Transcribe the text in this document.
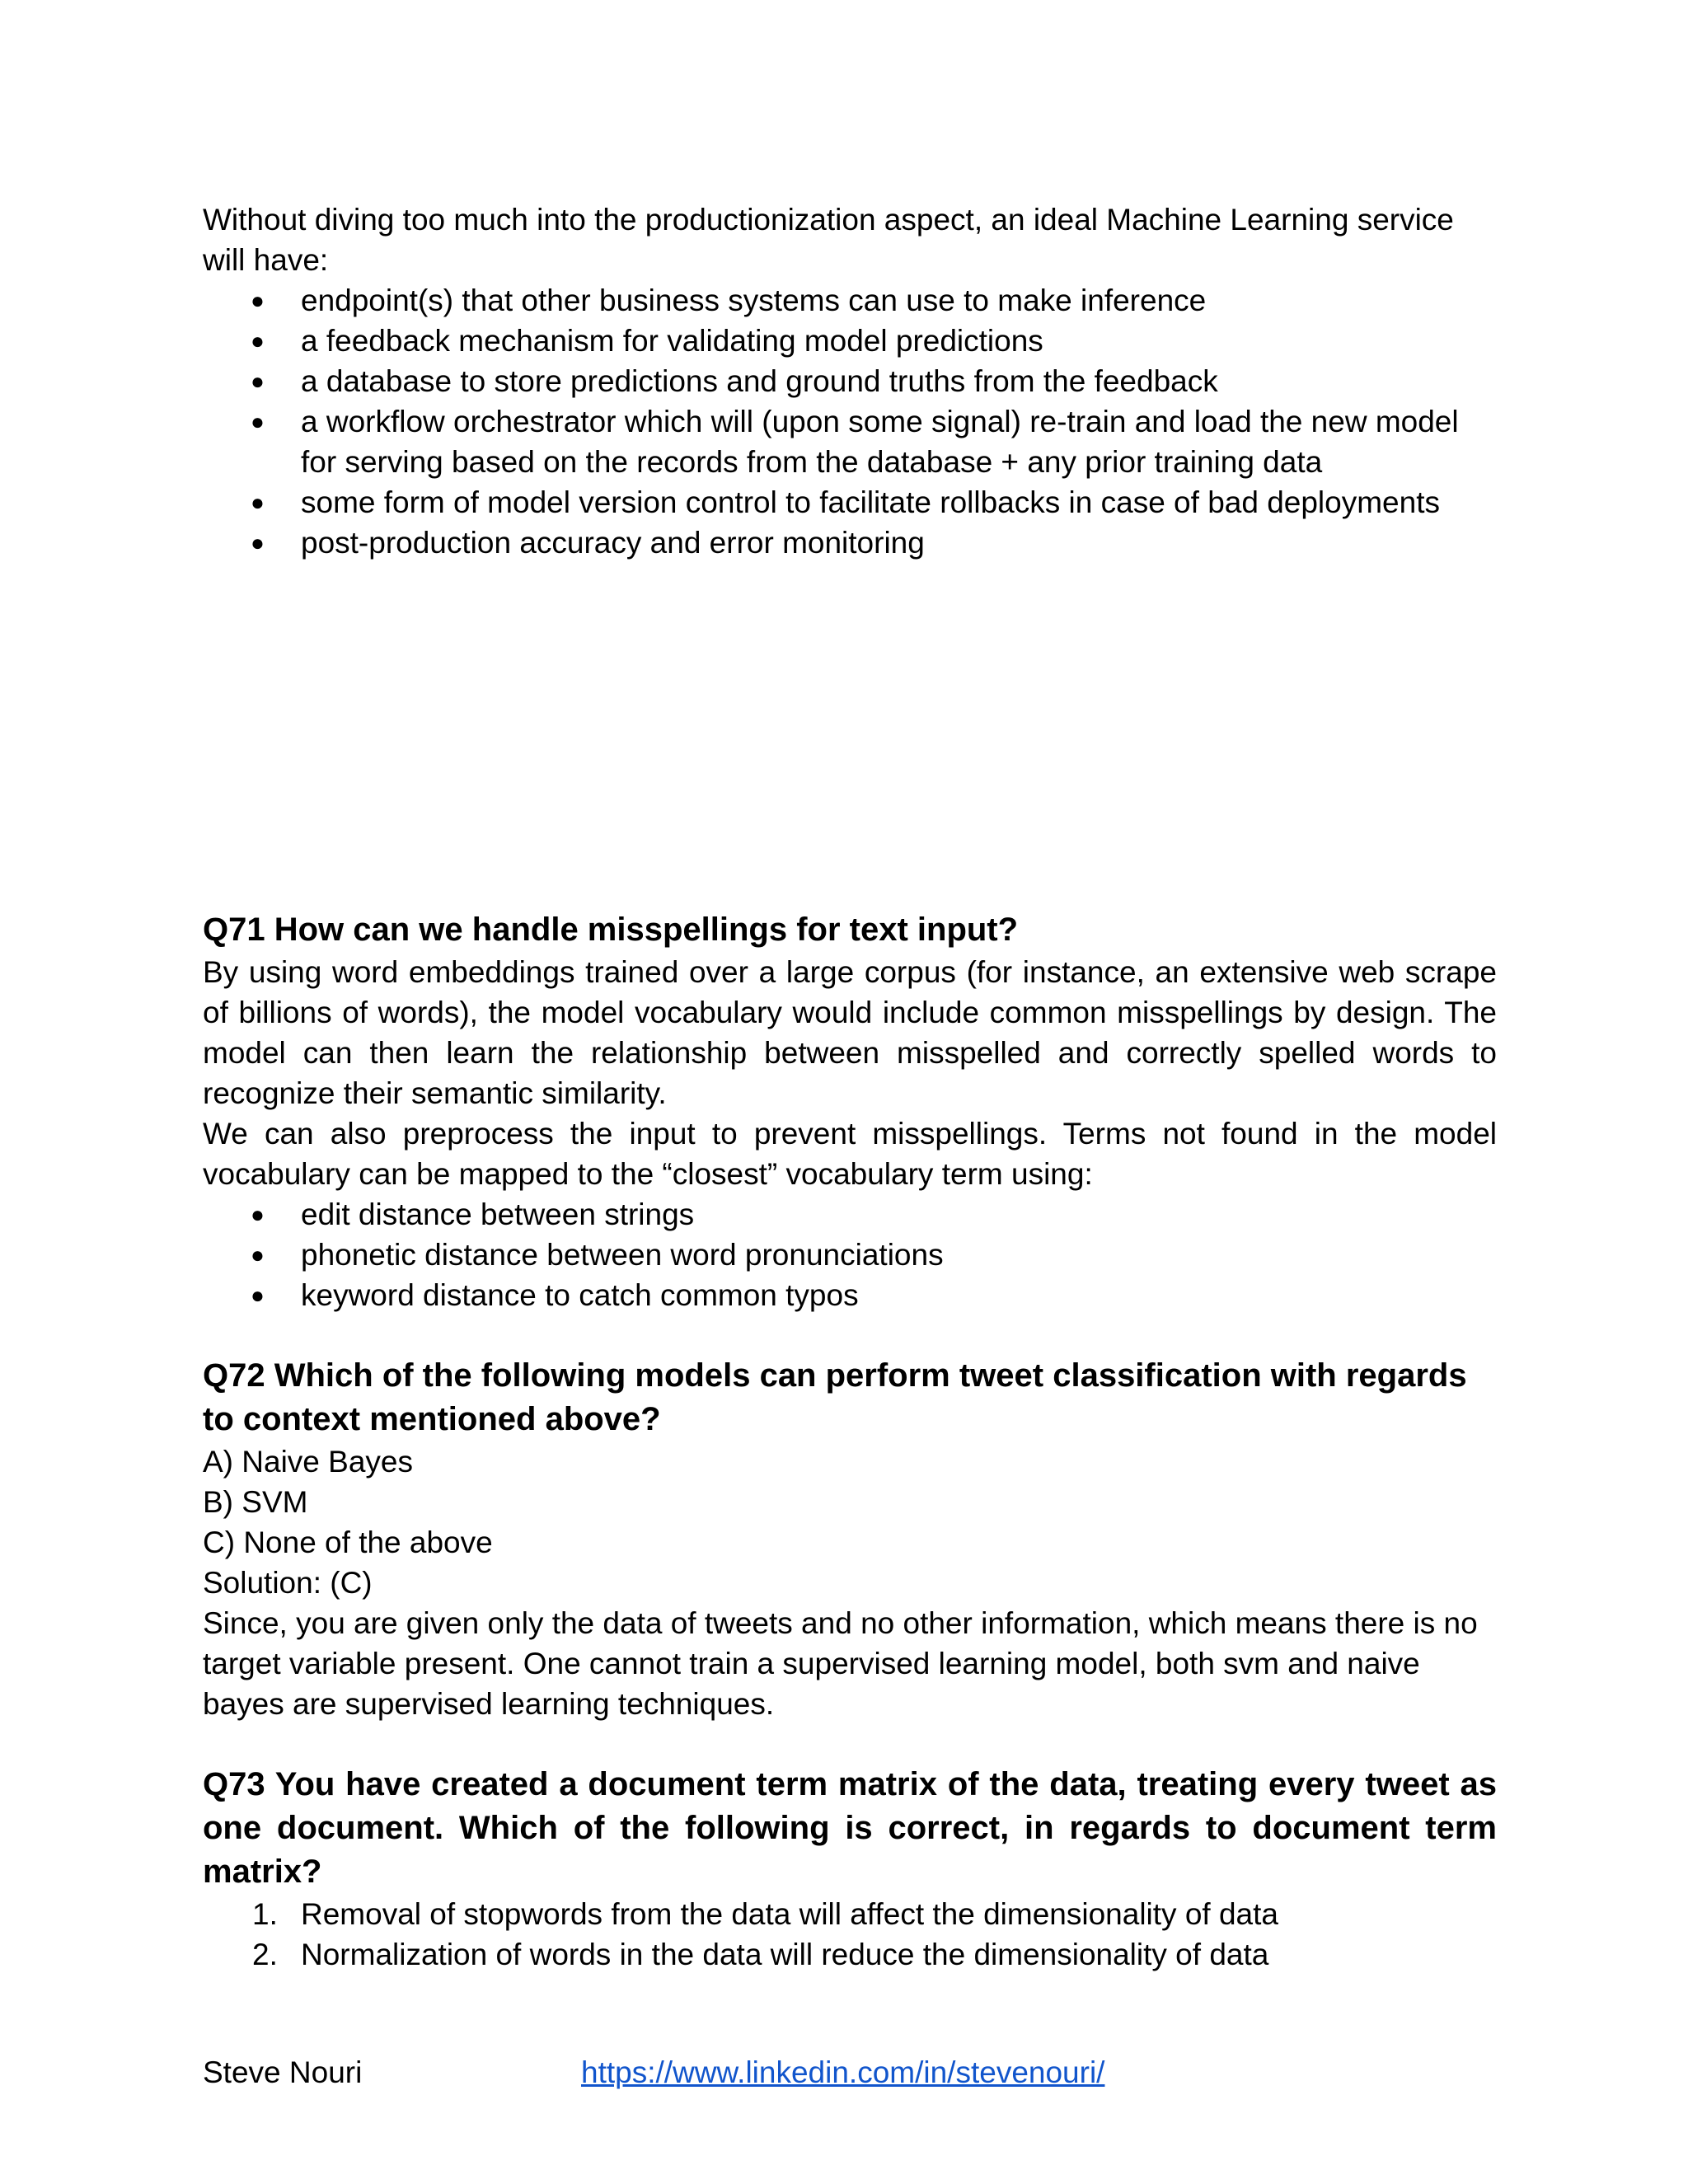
Without diving too much into the productionization aspect, an ideal Machine Learning service will have:

● endpoint(s) that other business systems can use to make inference
● a feedback mechanism for validating model predictions
● a database to store predictions and ground truths from the feedback
● a workflow orchestrator which will (upon some signal) re-train and load the new model for serving based on the records from the database + any prior training data
● some form of model version control to facilitate rollbacks in case of bad deployments
● post-production accuracy and error monitoring
Q71 How can we handle misspellings for text input?

By using word embeddings trained over a large corpus (for instance, an extensive web scrape of billions of words), the model vocabulary would include common misspellings by design. The model can then learn the relationship between misspelled and correctly spelled words to recognize their semantic similarity.

We can also preprocess the input to prevent misspellings. Terms not found in the model vocabulary can be mapped to the “closest” vocabulary term using:

● edit distance between strings
● phonetic distance between word pronunciations
● keyword distance to catch common typos
Q72 Which of the following models can perform tweet classification with regards to context mentioned above?

A) Naive Bayes

B) SVM

C) None of the above

Solution: (C)

Since, you are given only the data of tweets and no other information, which means there is no target variable present. One cannot train a supervised learning model, both svm and naive bayes are supervised learning techniques.

Q73 You have created a document term matrix of the data, treating every tweet as one document. Which of the following is correct, in regards to document term matrix?
1. Removal of stopwords from the data will affect the dimensionality of data
2. Normalization of words in the data will reduce the dimensionality of data
Steve Nouri	https://www.linkedin.com/in/stevenouri/
